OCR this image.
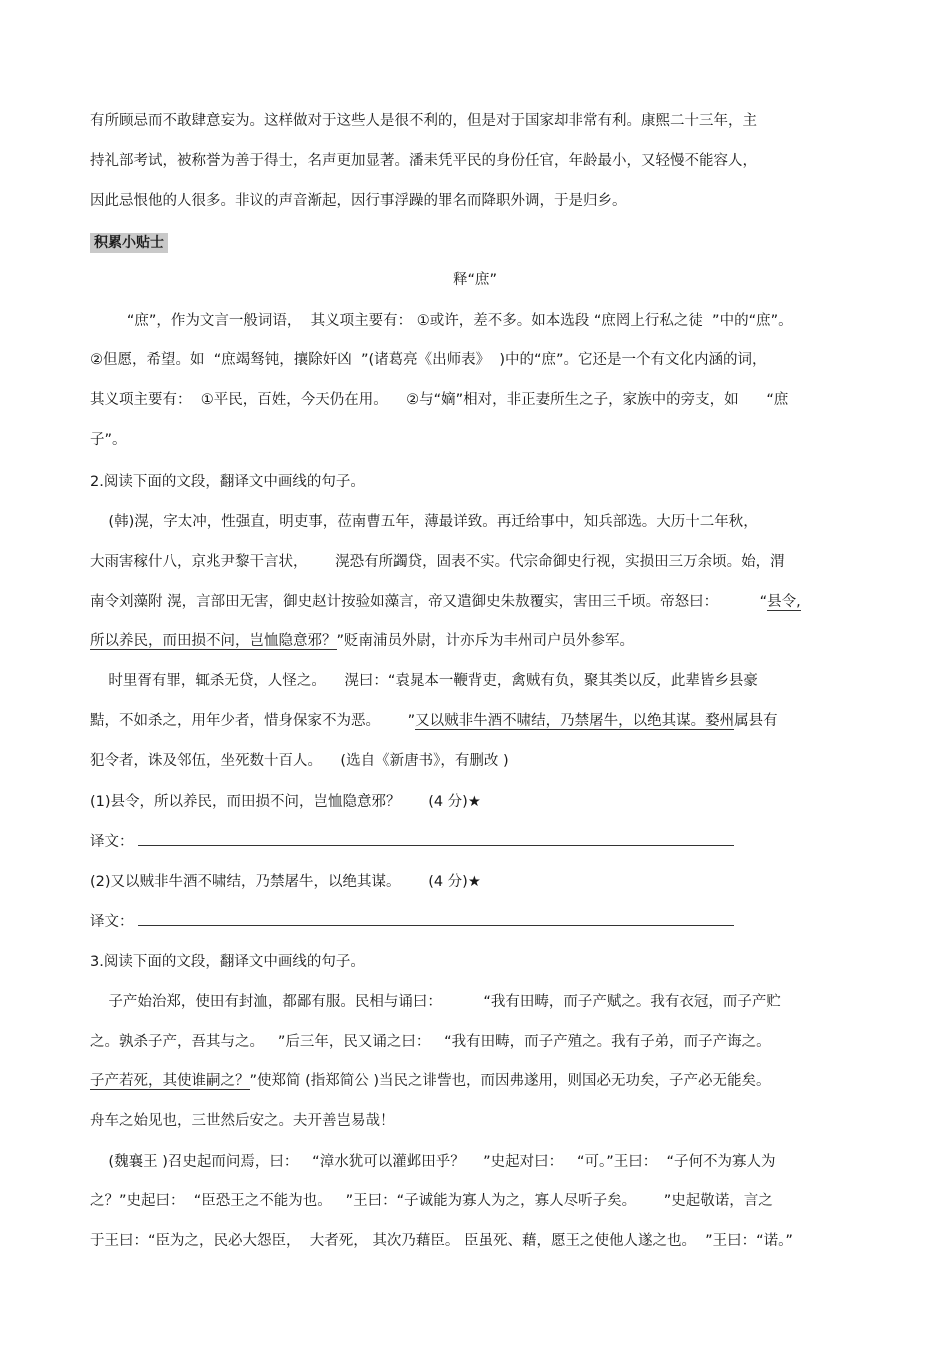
有所顾忌而不敢肆意妄为。这样做对于这些人是很不利的，但是对于国家却非常有利。康熙二十三年，主
持礼部考试，被称誉为善于得士，名声更加显著。潘耒凭平民的身份任官，年龄最小，又轻慢不能容人，
因此忌恨他的人很多。非议的声音渐起，因行事浮躁的罪名而降职外调，于是归乡。
积累小贴士
释“庶”
“庶”，作为文言一般词语，  其义项主要有： ①或许，差不多。如本选段 “庶罔上行私之徒  ”中的“庶”。
②但愿，希望。如  “庶竭驽钝，攘除奸凶  ”(诸葛亮《出师表》  )中的“庶”。它还是一个有文化内涵的词，
其义项主要有：  ①平民，百姓，今天仍在用。    ②与“嫡”相对，非正妻所生之子，家族中的旁支，如      “庶
子”。
2.阅读下面的文段，翻译文中画线的句子。
(韩)滉，字太冲，性强直，明吏事，莅南曹五年，薄最详致。再迁给事中，知兵部选。大历十二年秋，
大雨害稼什八，京兆尹黎干言状，      滉恐有所蠲贷，固表不实。代宗命御史行视，实损田三万余顷。始，渭
南令刘藻附 滉，言部田无害，御史赵计按验如藻言，帝又遣御史朱敖覆实，害田三千顷。帝怒曰：         “县令,
所以养民，而田损不问，岂恤隐意邪？”贬南浦员外尉，计亦斥为丰州司户员外参军。
时里胥有罪，辄杀无贷，人怪之。    滉曰：“袁晁本一鞭背吏，禽贼有负，聚其类以反，此辈皆乡县豪
黠，不如杀之，用年少者，惜身保家不为恶。      ”又以贼非牛酒不啸结，乃禁屠牛，以绝其谋。婺州属县有
犯令者，诛及邻伍，坐死数十百人。    (选自《新唐书》，有删改 )
(1)县令，所以养民，而田损不问，岂恤隐意邪？      (4 分)★
译文：
(2)又以贼非牛酒不啸结，乃禁屠牛，以绝其谋。      (4 分)★
译文：
3.阅读下面的文段，翻译文中画线的句子。
子产始治郑，使田有封洫，都鄙有服。民相与诵曰：         “我有田畴，而子产赋之。我有衣冠，而子产贮
之。孰杀子产，吾其与之。   ”后三年，民又诵之曰：   “我有田畴，而子产殖之。我有子弟，而子产诲之。
子产若死，其使谁嗣之？”使郑简 (指郑简公 )当民之诽訾也，而因弗遂用，则国必无功矣，子产必无能矣。
舟车之始见也，三世然后安之。夫开善岂易哉！
(魏襄王 )召史起而问焉，曰：   “漳水犹可以灌邺田乎？    ”史起对曰：   “可。”王曰：  “子何不为寡人为
之？”史起曰：  “臣恐王之不能为也。   ”王曰：“子诚能为寡人为之，寡人尽听子矣。      ”史起敬诺，言之
于王曰：“臣为之，民必大怨臣，  大者死， 其次乃藉臣。 臣虽死、藉，愿王之使他人遂之也。  ”王曰：“诺。”
